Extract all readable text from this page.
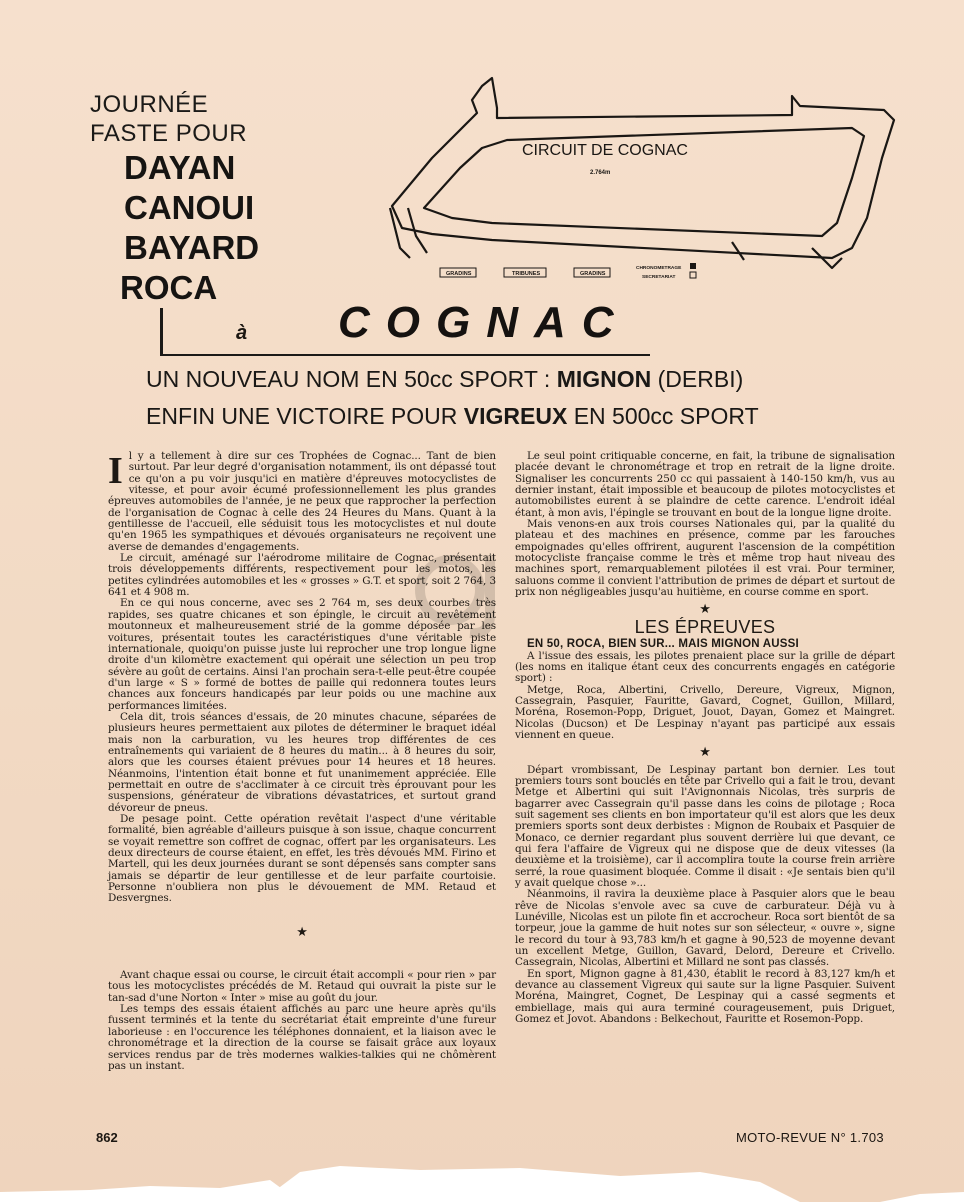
JOURNÉE
FASTE POUR
DAYAN
CANOUI
BAYARD
ROCA
à COGNAC
CIRCUIT DE COGNAC
2.764m
GRADINS	TRIBUNES	GRADINS
CHRONOMETRAGE
SECRETARIAT
UN NOUVEAU NOM EN 50cc SPORT : MIGNON (DERBI)
ENFIN UNE VICTOIRE POUR VIGREUX EN 500cc SPORT

Il y a tellement à dire sur ces Trophées de Cognac... Tant de bien surtout. Par leur degré d'organisation notamment, ils ont dépassé tout ce qu'on a pu voir jusqu'ici en matière d'épreuves motocyclistes de vitesse, et pour avoir écumé professionnellement les plus grandes épreuves automobiles de l'année, je ne peux que rapprocher la perfection de l'organisation de Cognac à celle des 24 Heures du Mans. Quant à la gentillesse de l'accueil, elle séduisit tous les motocyclistes et nul doute qu'en 1965 les sympathiques et dévoués organisateurs ne reçoivent une averse de demandes d'engagements.

Le circuit, aménagé sur l'aérodrome militaire de Cognac, présentait trois développements différents, respectivement pour les motos, les petites cylindrées automobiles et les « grosses » G.T. et sport, soit 2 764, 3 641 et 4 908 m.

En ce qui nous concerne, avec ses 2 764 m, ses deux courbes très rapides, ses quatre chicanes et son épingle, le circuit au revêtement moutonneux et malheureusement strié de la gomme déposée par les voitures, présentait toutes les caractéristiques d'une véritable piste internationale, quoiqu'on puisse juste lui reprocher une trop longue ligne droite d'un kilomètre exactement qui opérait une sélection un peu trop sévère au goût de certains. Ainsi l'an prochain sera-t-elle peut-être coupée d'un large « S » formé de bottes de paille qui redonnera toutes leurs chances aux fonceurs handicapés par leur poids ou une machine aux performances limitées.

Cela dit, trois séances d'essais, de 20 minutes chacune, séparées de plusieurs heures permettaient aux pilotes de déterminer le braquet idéal mais non la carburation, vu les heures trop différentes de ces entraînements qui variaient de 8 heures du matin... à 8 heures du soir, alors que les courses étaient prévues pour 14 heures et 18 heures. Néanmoins, l'intention était bonne et fut unanimement appréciée. Elle permettait en outre de s'acclimater à ce circuit très éprouvant pour les suspensions, générateur de vibrations dévastatrices, et surtout grand dévoreur de pneus.

De pesage point. Cette opération revêtait l'aspect d'une véritable formalité, bien agréable d'ailleurs puisque à son issue, chaque concurrent se voyait remettre son coffret de cognac, offert par les organisateurs. Les deux directeurs de course étaient, en effet, les très dévoués MM. Firino et Martell, qui les deux journées durant se sont dépensés sans compter sans jamais se départir de leur gentillesse et de leur parfaite courtoisie. Personne n'oubliera non plus le dévouement de MM. Retaud et Desvergnes.

★

Avant chaque essai ou course, le circuit était accompli « pour rien » par tous les motocyclistes précédés de M. Retaud qui ouvrait la piste sur le tan-sad d'une Norton « Inter » mise au goût du jour.

Les temps des essais étaient affichés au parc une heure après qu'ils fussent terminés et la tente du secrétariat était empreinte d'une fureur laborieuse : en l'occurence les téléphones donnaient, et la liaison avec le chronométrage et la direction de la course se faisait grâce aux loyaux services rendus par de très modernes walkies-talkies qui ne chômèrent pas un instant.

Le seul point critiquable concerne, en fait, la tribune de signalisation placée devant le chronométrage et trop en retrait de la ligne droite. Signaliser les concurrents 250 cc qui passaient à 140-150 km/h, vus au dernier instant, était impossible et beaucoup de pilotes motocyclistes et automobilistes eurent à se plaindre de cette carence. L'endroit idéal étant, à mon avis, l'épingle se trouvant en bout de la longue ligne droite.

Mais venons-en aux trois courses Nationales qui, par la qualité du plateau et des machines en présence, comme par les farouches empoignades qu'elles offrirent, augurent l'ascension de la compétition motocycliste française comme le très et même trop haut niveau des machines sport, remarquablement pilotées il est vrai. Pour terminer, saluons comme il convient l'attribution de primes de départ et surtout de prix non négligeables jusqu'au huitième, en course comme en sport.

★
LES ÉPREUVES

EN 50, ROCA, BIEN SUR... MAIS MIGNON AUSSI

A l'issue des essais, les pilotes prenaient place sur la grille de départ (les noms en italique étant ceux des concurrents engagés en catégorie sport) :

Metge, Roca, Albertini, Crivello, Dereure, Vigreux, Mignon, Cassegrain, Pasquier, Fauritte, Gavard, Cognet, Guillon, Millard, Moréna, Rosemon-Popp, Driguet, Jouot, Dayan, Gomez et Maingret. Nicolas (Ducson) et De Lespinay n'ayant pas participé aux essais viennent en queue.

★

Départ vrombissant, De Lespinay partant bon dernier. Les tout premiers tours sont bouclés en tête par Crivello qui a fait le trou, devant Metge et Albertini qui suit l'Avignonnais Nicolas, très surpris de bagarrer avec Cassegrain qu'il passe dans les coins de pilotage ; Roca suit sagement ses clients en bon importateur qu'il est alors que les deux premiers sports sont deux derbistes : Mignon de Roubaix et Pasquier de Monaco, ce dernier regardant plus souvent derrière lui que devant, ce qui fera l'affaire de Vigreux qui ne dispose que de deux vitesses (la deuxième et la troisième), car il accomplira toute la course frein arrière serré, la roue quasiment bloquée. Comme il disait : «Je sentais bien qu'il y avait quelque chose »...

Néanmoins, il ravira la deuxième place à Pasquier alors que le beau rêve de Nicolas s'envole avec sa cuve de carburateur. Déjà vu à Lunéville, Nicolas est un pilote fin et accrocheur. Roca sort bientôt de sa torpeur, joue la gamme de huit notes sur son sélecteur, « ouvre », signe le record du tour à 93,783 km/h et gagne à 90,523 de moyenne devant un excellent Metge, Guillon, Gavard, Delord, Dereure et Crivello. Cassegrain, Nicolas, Albertini et Millard ne sont pas classés.

En sport, Mignon gagne à 81,430, établit le record à 83,127 km/h et devance au classement Vigreux qui saute sur la ligne Pasquier. Suivent Moréna, Maingret, Cognet, De Lespinay qui a cassé segments et embiellage, mais qui aura terminé courageusement, puis Driguet, Gomez et Jovot. Abandons : Belkechout, Fauritte et Rosemon-Popp.

862	MOTO-REVUE N° 1.703
